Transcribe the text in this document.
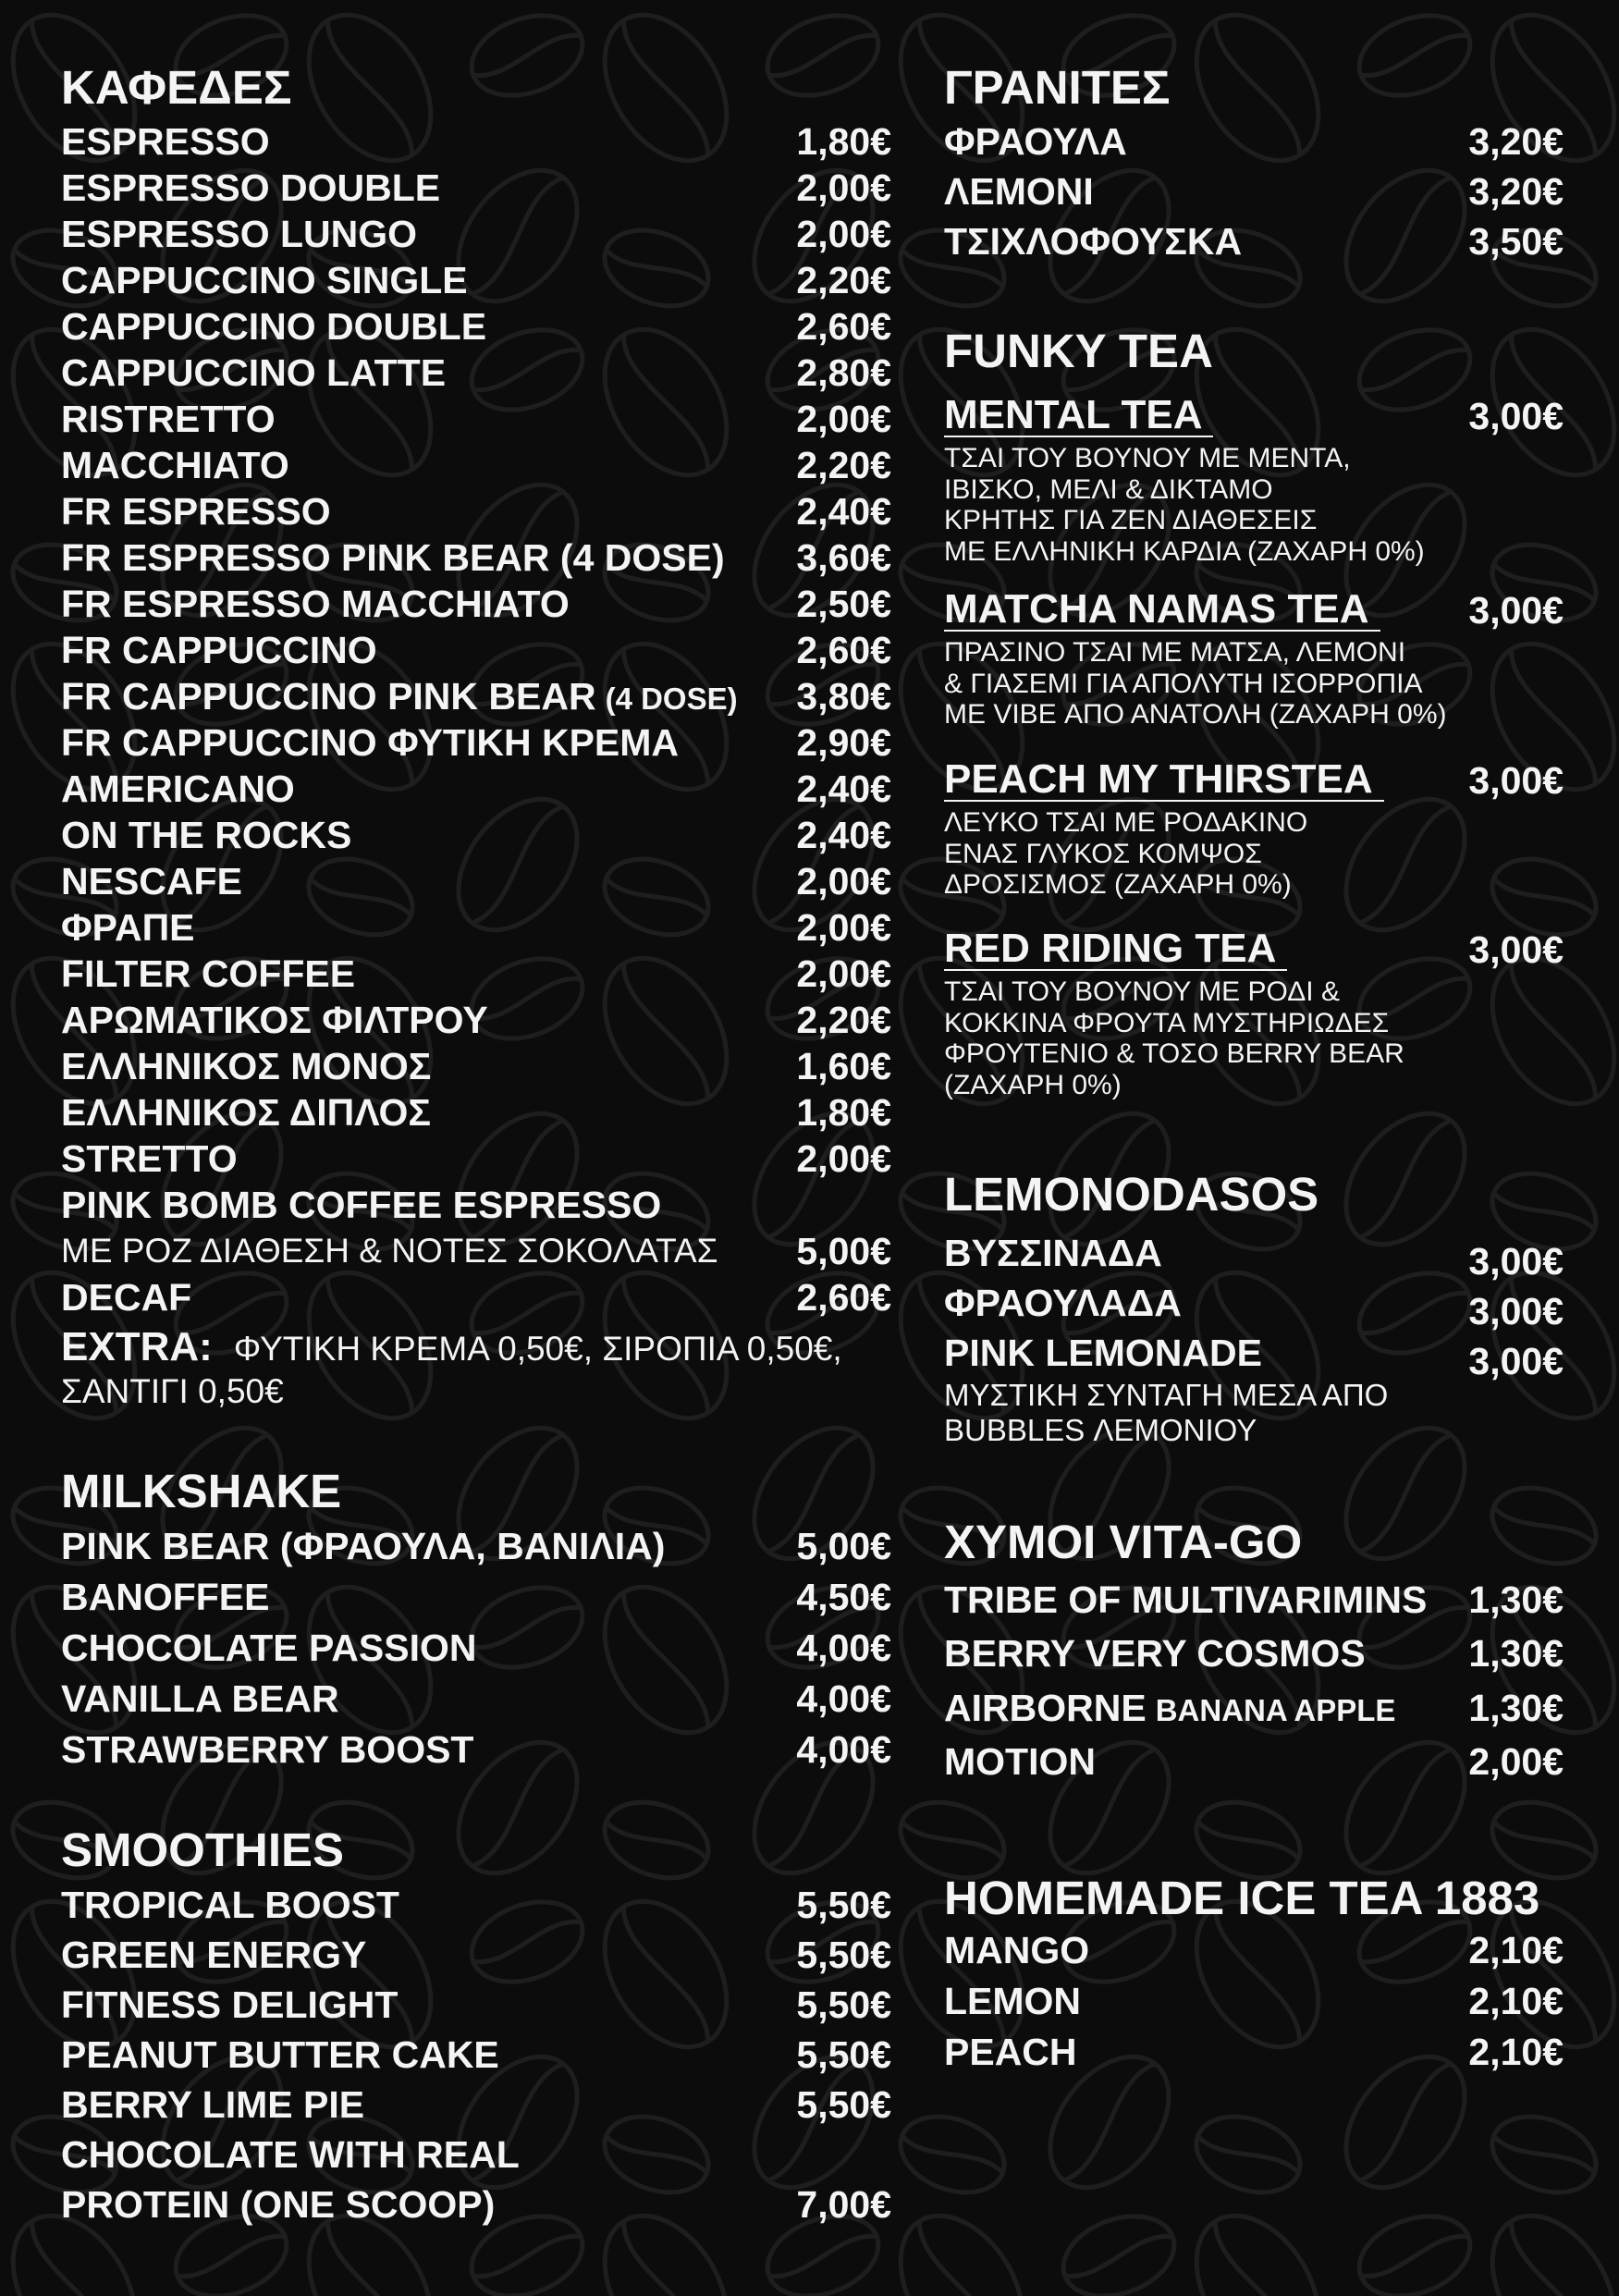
ΚΑΦΕΔΕΣ
ESPRESSO	1,80€
ESPRESSO DOUBLE	2,00€
ESPRESSO LUNGO	2,00€
CAPPUCCINO SINGLE	2,20€
CAPPUCCINO DOUBLE	2,60€
CAPPUCCINO LATTE	2,80€
RISTRETTO	2,00€
MACCHIATO	2,20€
FR ESPRESSO	2,40€
FR ESPRESSO PINK BEAR (4 DOSE) 3,60€
FR ESPRESSO MACCHIATO	2,50€
FR CAPPUCCINO	2,60€
FR CAPPUCCINO PINK BEAR (4 DOSE) 3,80€
FR CAPPUCCINO ΦΥΤΙΚΗ ΚΡΕΜΑ	2,90€
AMERICANO	2,40€
ON THE ROCKS	2,40€
NESCAFE	2,00€
ΦΡΑΠΕ	2,00€
FILTER COFFEE	2,00€
ΑΡΩΜΑΤΙΚΟΣ ΦΙΛΤΡΟΥ	2,20€
ΕΛΛΗΝΙΚΟΣ ΜΟΝΟΣ	1,60€
ΕΛΛΗΝΙΚΟΣ ΔΙΠΛΟΣ	1,80€
STRETTO	2,00€
PINK BOMB COFFEE ESPRESSO
ΜΕ ΡΟΖ ΔΙΑΘΕΣΗ & ΝΟΤΕΣ ΣΟΚΟΛΑΤΑΣ 5,00€
DECAF	2,60€
EXTRA: ΦΥΤΙΚΗ ΚΡΕΜΑ 0,50€, ΣΙΡΟΠΙΑ 0,50€,
ΣΑΝΤΙΓΙ 0,50€
MILKSHAKE
PINK BEAR (ΦΡΑΟΥΛΑ, ΒΑΝΙΛΙΑ)	5,00€
BANOFFEE	4,50€
CHOCOLATE PASSION	4,00€
VANILLA BEAR	4,00€
STRAWBERRY BOOST	4,00€
SMOOTHIES
TROPICAL BOOST	5,50€
GREEN ENERGY	5,50€
FITNESS DELIGHT	5,50€
PEANUT BUTTER CAKE	5,50€
BERRY LIME PIE	5,50€
CHOCOLATE WITH REAL
PROTEIN (ONE SCOOP)	7,00€
ΓΡΑΝΙΤΕΣ
ΦΡΑΟΥΛΑ	3,20€
ΛΕΜΟΝΙ	3,20€
ΤΣΙΧΛΟΦΟΥΣΚΑ	3,50€
FUNKY TEA
MENTAL TEA	3,00€
ΤΣΑΙ ΤΟΥ ΒΟΥΝΟΥ ΜΕ ΜΕΝΤΑ,
ΙΒΙΣΚΟ, ΜΕΛΙ & ΔΙΚΤΑΜΟ
ΚΡΗΤΗΣ ΓΙΑ ΖΕΝ ΔΙΑΘΕΣΕΙΣ
ΜΕ ΕΛΛΗΝΙΚΗ ΚΑΡΔΙΑ (ΖΑΧΑΡΗ 0%)
MATCHA NAMAS TEA	3,00€
ΠΡΑΣΙΝΟ ΤΣΑΙ ΜΕ ΜΑΤΣΑ, ΛΕΜΟΝΙ
& ΓΙΑΣΕΜΙ ΓΙΑ ΑΠΟΛΥΤΗ ΙΣΟΡΡΟΠΙΑ
ΜΕ VIBE ΑΠΟ ΑΝΑΤΟΛΗ (ΖΑΧΑΡΗ 0%)
PEACH MY THIRSTEA	3,00€
ΛΕΥΚΟ ΤΣΑΙ ΜΕ ΡΟΔΑΚΙΝΟ
ΕΝΑΣ ΓΛΥΚΟΣ ΚΟΜΨΟΣ
ΔΡΟΣΙΣΜΟΣ (ΖΑΧΑΡΗ 0%)
RED RIDING TEA	3,00€
ΤΣΑΙ ΤΟΥ ΒΟΥΝΟΥ ΜΕ ΡΟΔΙ &
ΚΟΚΚΙΝΑ ΦΡΟΥΤΑ ΜΥΣΤΗΡΙΩΔΕΣ
ΦΡΟΥΤΕΝΙΟ & ΤΟΣΟ BERRY BEAR
(ΖΑΧΑΡΗ 0%)
LEMONODASOS
ΒΥΣΣΙΝΑΔΑ	3,00€
ΦΡΑΟΥΛΑΔΑ	3,00€
PINK LEMONADE	3,00€
ΜΥΣΤΙΚΗ ΣΥΝΤΑΓΗ ΜΕΣΑ ΑΠΟ
BUBBLES ΛΕΜΟΝΙΟΥ
ΧΥΜΟΙ VITA-GO
TRIBE OF MULTIVARIMINS 1,30€
BERRY VERY COSMOS	1,30€
AIRBORNE BANANA APPLE 1,30€
MOTION	2,00€
HOMEMADE ICE TEA 1883
MANGO	2,10€
LEMON	2,10€
PEACH	2,10€
